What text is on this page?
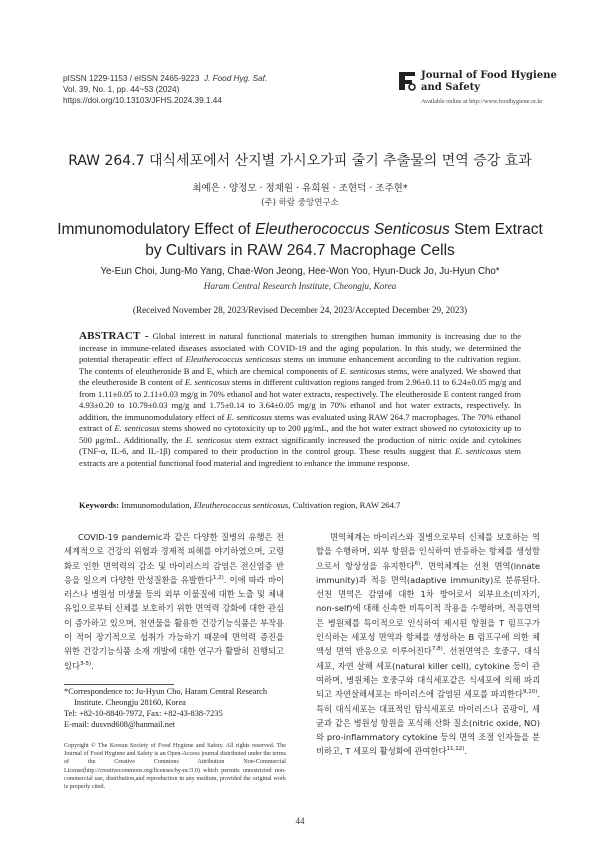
pISSN 1229-1153 / eISSN 2465-9223 J. Food Hyg. Saf.
Vol. 39, No. 1, pp. 44~53 (2024)
https://doi.org/10.13103/JFHS.2024.39.1.44
Journal of Food Hygiene
and Safety
Available online at http://www.foodhygiene.or.kr
RAW 264.7 대식세포에서 산지별 가시오가피 줄기 추출물의 면역 증강 효과
최예은 · 양정모 · 정채원 · 유희원 · 조현덕 · 조주현*
(주) 하람 중앙연구소
Immunomodulatory Effect of Eleutherococcus Senticosus Stem Extract
by Cultivars in RAW 264.7 Macrophage Cells
Ye-Eun Choi, Jung-Mo Yang, Chae-Won Jeong, Hee-Won Yoo, Hyun-Duck Jo, Ju-Hyun Cho*
Haram Central Research Institute, Cheongju, Korea
(Received November 28, 2023/Revised December 24, 2023/Accepted December 29, 2023)
ABSTRACT - Global interest in natural functional materials to strengthen human immunity is increasing due to the increase in immune-related diseases associated with COVID-19 and the aging population. In this study, we determined the potential therapeutic effect of Eleutherococcus senticosus stems on immune enhancement according to the cultivation region. The contents of eleutheroside B and E, which are chemical components of E. senticosus stems, were analyzed. We showed that the eleutheroside B content of E. senticosus stems in different cultivation regions ranged from 2.96±0.11 to 6.24±0.05 mg/g and from 1.11±0.05 to 2.11±0.03 mg/g in 70% ethanol and hot water extracts, respectively. The eleutheroside E content ranged from 4.93±0.20 to 10.79±0.03 mg/g and 1.75±0.14 to 3.64±0.05 mg/g in 70% ethanol and hot water extracts, respectively. In addition, the immunomodulatory effect of E. senticosus stems was evaluated using RAW 264.7 macrophages. The 70% ethanol extract of E. senticosus stems showed no cytotoxicity up to 200 μg/mL, and the hot water extract showed no cytotoxicity up to 500 μg/mL. Additionally, the E. senticosus stem extract significantly increased the production of nitric oxide and cytokines (TNF-α, IL-6, and IL-1β) compared to their production in the control group. These results suggest that E. senticosus stem extracts are a potential functional food material and ingredient to enhance the immune response.
Keywords: Immunomodulation, Eleutherococcus senticosus, Cultivation region, RAW 264.7

COVID-19 pandemic과 같은 다양한 질병의 유행은 전세계적으로 건강의 위협과 경제적 피해를 야기하였으며, 고령화로 인한 면역력의 감소 및 바이러스의 감염은 전신염증 반응을 일으켜 다양한 만성질환을 유발한다$^{1,2)}$. 이에 따라 바이러스나 병원성 미생물 등의 외부 이물질에 대한 노출 및 체내 유입으로부터 신체를 보호하기 위한 면역력 강화에 대한 관심이 증가하고 있으며, 천연물을 활용한 건강기능식품은 부작용이 적어 장기적으로 섭취가 가능하기 때문에 면역력 증진을 위한 건강기능식품 소재 개발에 대한 연구가 활발히 진행되고 있다$^{3-5)}$.

면역체계는 바이러스와 질병으로부터 신체를 보호하는 역할을 수행하며, 외부 항원을 인식하여 반응하는 항체를 생성함으로서 항상성을 유지한다$^{6)}$. 면역체계는 선천 면역(innate immunity)과 적응 면역(adaptive immunity)로 분류된다. 선천 면역은 감염에 대한 1차 방어로서 외부요소(비자기, non-self)에 대해 신속한 비특이적 작용을 수행하며, 적응면역은 병원체를 특이적으로 인식하여 제시된 항원을 T 림프구가 인식하는 세포성 면역과 항체를 생성하는 B 림프구에 의한 체액성 면역 반응으로 이루어진다$^{7,8)}$. 선천면역은 호중구, 대식세포, 자연 살해 세포(natural killer cell), cytokine 등이 관여하며, 병원체는 호중구와 대식세포같은 식세포에 의해 파괴되고 자연살해세포는 바이러스에 감염된 세포를 파괴한다$^{9,10)}$. 특히 대식세포는 대표적인 탐식세포로 바이러스나 곰팡이, 세균과 같은 병원성 항원을 포식해 산화 질소(nitric oxide, NO)와 pro-inflammatory cytokine 등의 면역 조절 인자들을 분비하고, T 세포의 활성화에 관여한다$^{11,12)}$.

*Correspondence to: Ju-Hyun Cho, Haram Central Research
Institute. Cheongju 28160, Korea
Tel: +82-10-8840-7972, Fax: +82-43-838-7235
E-mail: dusvnd608@hanmail.net
Copyright © The Korean Society of Food Hygiene and Safety. All rights reserved. The Journal of Food Hygiene and Safety is an Open-Access journal distributed under the terms of the Creative Commons Attribution Non-Commercial License(http://creativecommons.org/licenses/by-nc/3.0) which permits unrestricted non-commercial use, distribution,and reproduction in any medium, provided the original work is properly cited.
44
